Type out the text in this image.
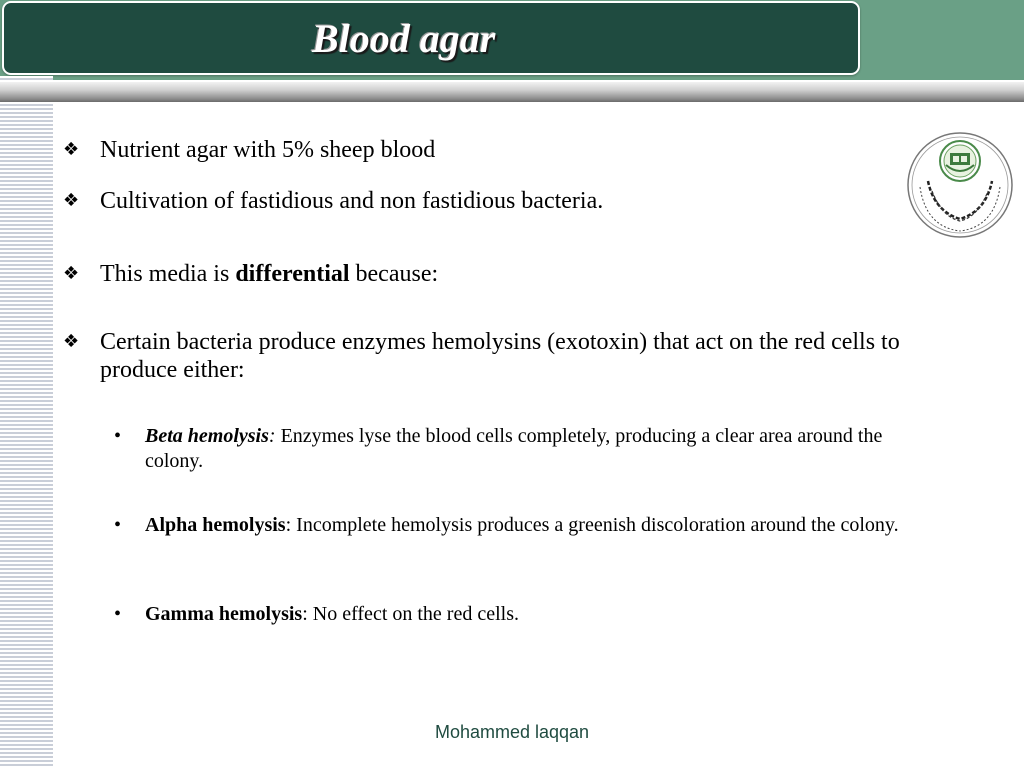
Blood agar
❖ Nutrient agar with 5% sheep blood
❖ Cultivation of fastidious and non fastidious bacteria.
❖ This media is differential because:
❖ Certain bacteria produce enzymes hemolysins (exotoxin) that act on the red cells to produce either:
• Beta hemolysis: Enzymes lyse the blood cells completely, producing a clear area around the colony.
• Alpha hemolysis: Incomplete hemolysis produces a greenish discoloration around the colony.
• Gamma hemolysis: No effect on the red cells.
Mohammed laqqan
